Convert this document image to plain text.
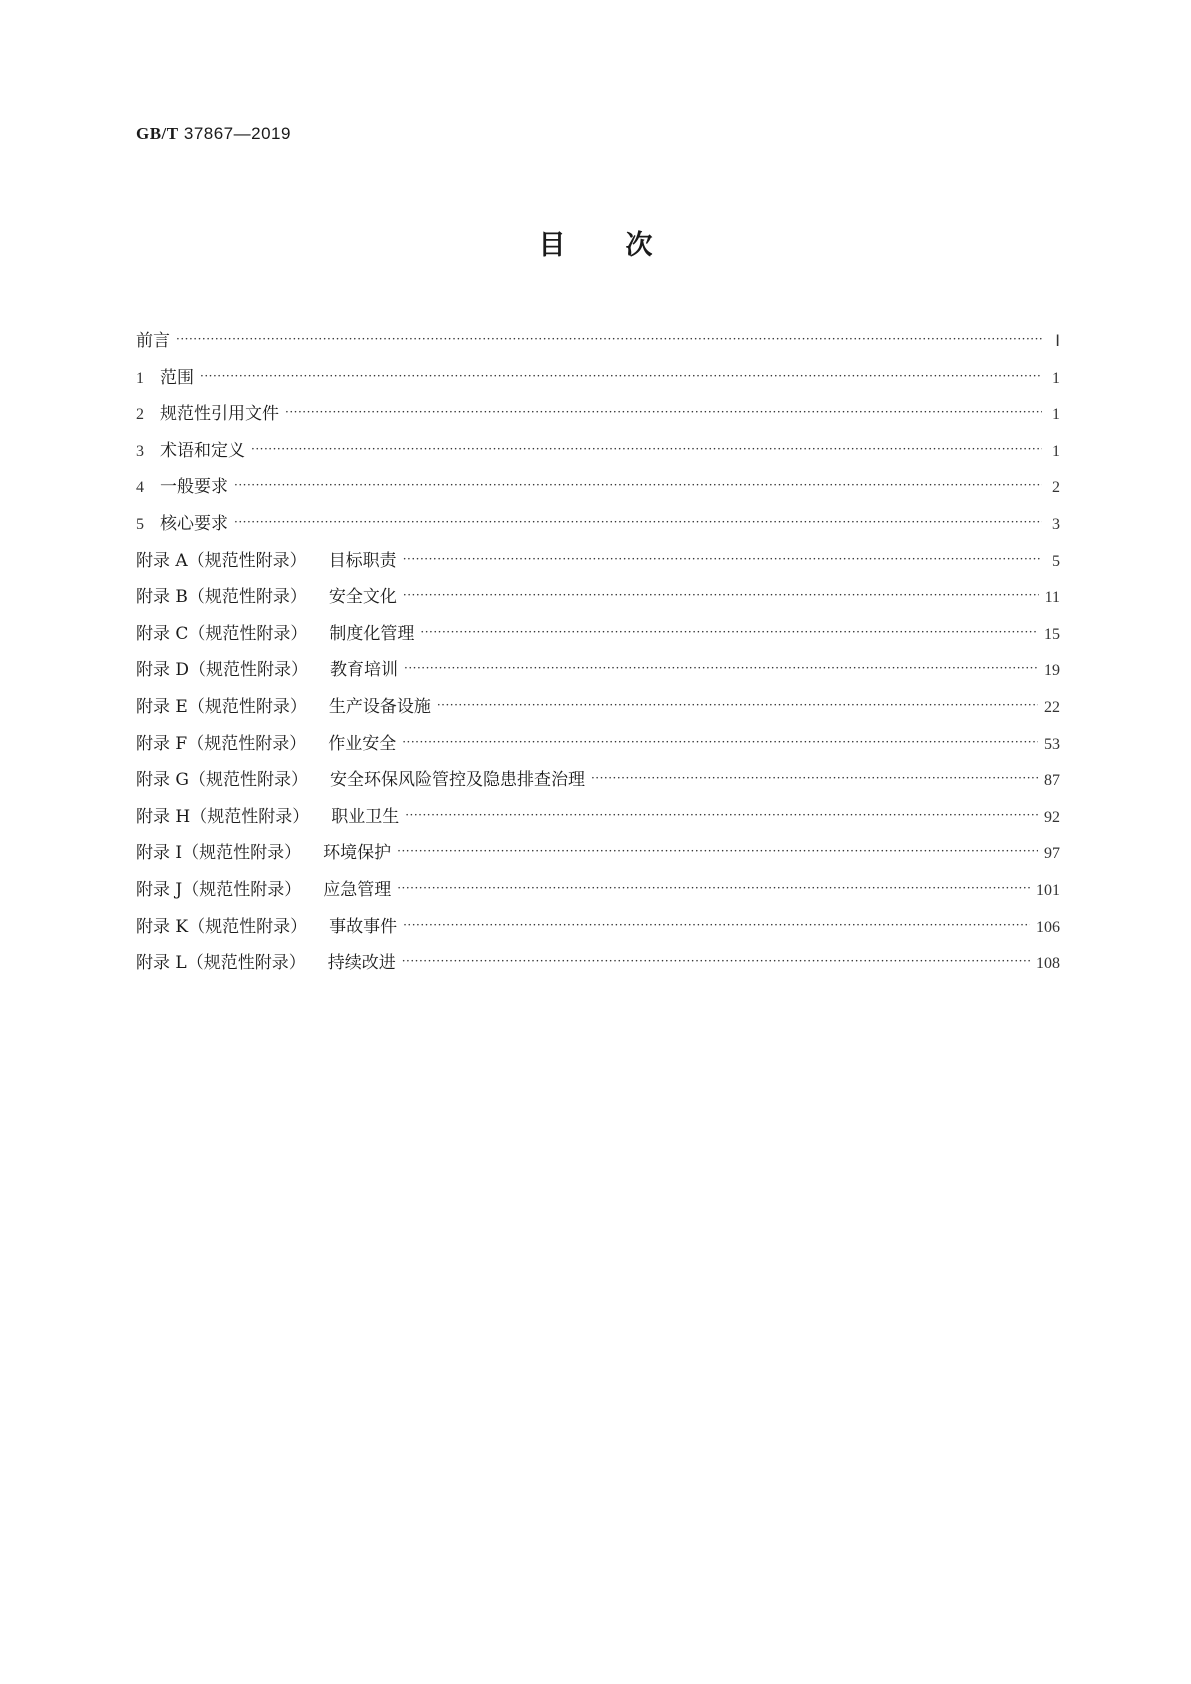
GB/T 37867—2019
目次
前言 ·····	Ⅰ
1 范围 ·····	1
2 规范性引用文件 ·····	1
3 术语和定义 ·····	1
4 一般要求 ·····	2
5 核心要求 ·····	3
附录 A（规范性附录） 目标职责 ·····	5
附录 B（规范性附录） 安全文化 ·····	11
附录 C（规范性附录） 制度化管理 ·····	15
附录 D（规范性附录） 教育培训 ·····	19
附录 E（规范性附录） 生产设备设施 ·····	22
附录 F（规范性附录） 作业安全 ·····	53
附录 G（规范性附录） 安全环保风险管控及隐患排查治理 ·····	87
附录 H（规范性附录） 职业卫生 ·····	92
附录 I（规范性附录） 环境保护 ·····	97
附录 J（规范性附录） 应急管理 ·····	101
附录 K（规范性附录） 事故事件 ·····	106
附录 L（规范性附录） 持续改进 ·····	108
